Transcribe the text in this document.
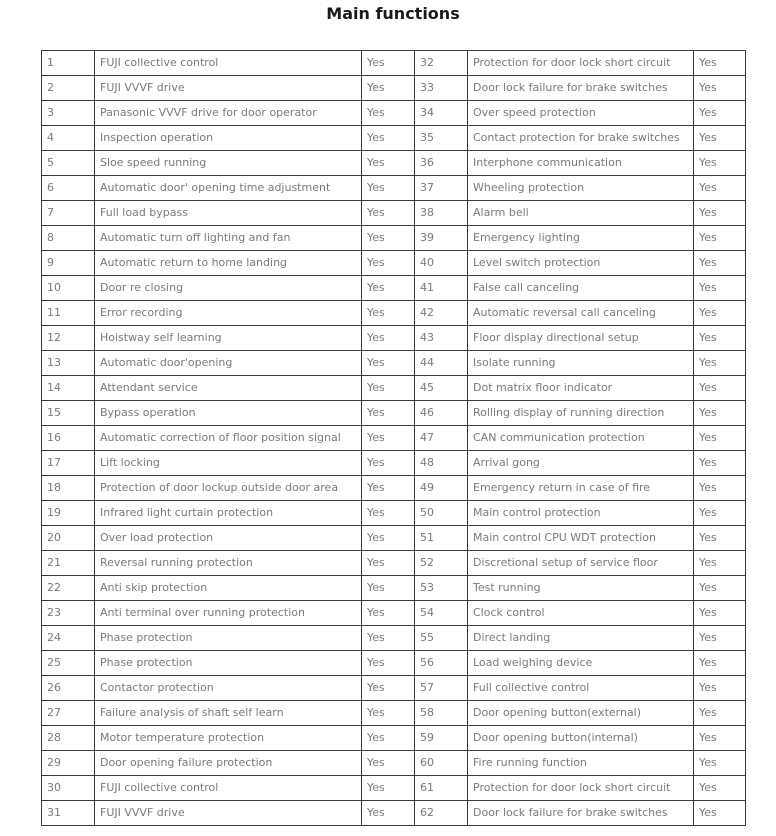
Main functions
1	FUJI collective control	Yes	32	Protection for door lock short circuit	Yes
2	FUJI VVVF drive	Yes	33	Door lock failure for brake switches	Yes
3	Panasonic VVVF drive for door operator	Yes	34	Over speed protection	Yes
4	Inspection operation	Yes	35	Contact protection for brake switches	Yes
5	Sloe speed running	Yes	36	Interphone communication	Yes
6	Automatic door' opening time adjustment	Yes	37	Wheeling protection	Yes
7	Full load bypass	Yes	38	Alarm bell	Yes
8	Automatic turn off lighting and fan	Yes	39	Emergency lighting	Yes
9	Automatic return to home landing	Yes	40	Level switch protection	Yes
10	Door re closing	Yes	41	False call canceling	Yes
11	Error recording	Yes	42	Automatic reversal call canceling	Yes
12	Hoistway self learning	Yes	43	Floor display directional setup	Yes
13	Automatic door'opening	Yes	44	Isolate running	Yes
14	Attendant service	Yes	45	Dot matrix floor indicator	Yes
15	Bypass operation	Yes	46	Rolling display of running direction	Yes
16	Automatic correction of floor position signal	Yes	47	CAN communication protection	Yes
17	Lift locking	Yes	48	Arrival gong	Yes
18	Protection of door lockup outside door area	Yes	49	Emergency return in case of fire	Yes
19	Infrared light curtain protection	Yes	50	Main control protection	Yes
20	Over load protection	Yes	51	Main control CPU WDT protection	Yes
21	Reversal running protection	Yes	52	Discretional setup of service floor	Yes
22	Anti skip protection	Yes	53	Test running	Yes
23	Anti terminal over running protection	Yes	54	Clock control	Yes
24	Phase protection	Yes	55	Direct landing	Yes
25	Phase protection	Yes	56	Load weighing device	Yes
26	Contactor protection	Yes	57	Full collective control	Yes
27	Failure analysis of shaft self learn	Yes	58	Door opening button(external)	Yes
28	Motor temperature protection	Yes	59	Door opening button(internal)	Yes
29	Door opening failure protection	Yes	60	Fire running function	Yes
30	FUJI collective control	Yes	61	Protection for door lock short circuit	Yes
31	FUJI VVVF drive	Yes	62	Door lock failure for brake switches	Yes
